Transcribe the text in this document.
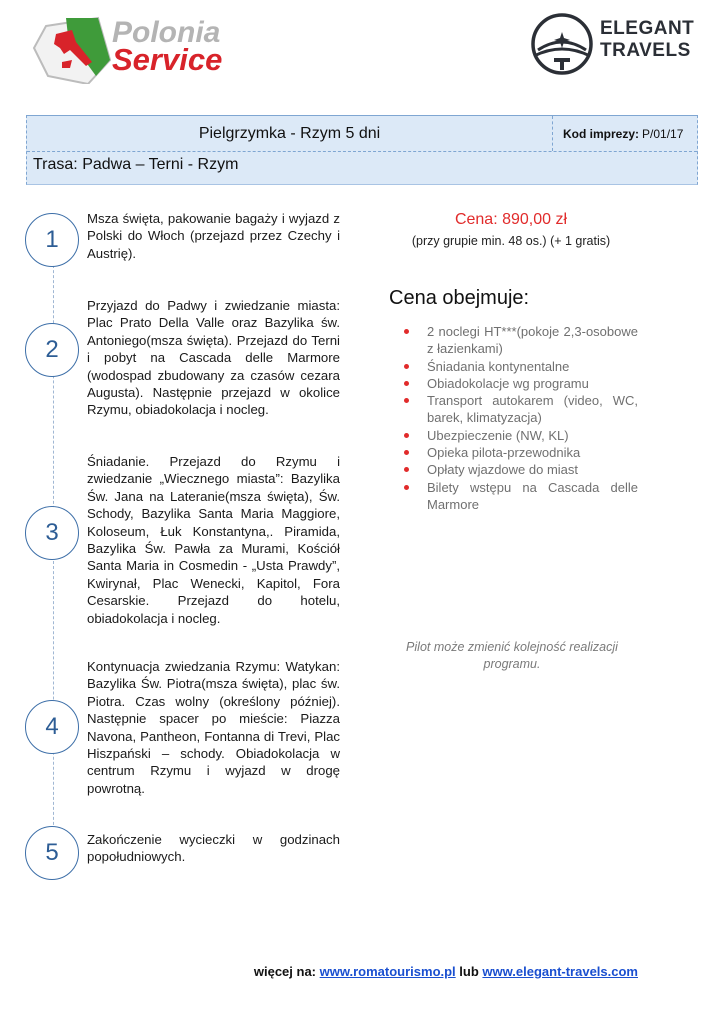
Polonia
Service
ELEGANT
TRAVELS
Pielgrzymka - Rzym 5 dni	Kod imprezy: P/01/17
Trasa: Padwa – Terni - Rzym
1
Msza święta, pakowanie bagaży i wyjazd z Polski do Włoch (przejazd przez Czechy i Austrię).
2
Przyjazd do Padwy i zwiedzanie miasta: Plac Prato Della Valle oraz Bazylika św. Antoniego(msza święta). Przejazd do Terni i pobyt na Cascada delle Marmore (wodospad zbudowany za czasów cezara Augusta). Następnie przejazd w okolice Rzymu, obiadokolacja i nocleg.
3
Śniadanie. Przejazd do Rzymu i zwiedzanie „Wiecznego miasta”: Bazylika Św. Jana na Lateranie(msza święta), Św. Schody, Bazylika Santa Maria Maggiore, Koloseum, Łuk Konstantyna,. Piramida, Bazylika Św. Pawła za Murami, Kościół Santa Maria in Cosmedin - „Usta Prawdy”, Kwirynał, Plac Wenecki, Kapitol, Fora Cesarskie. Przejazd do hotelu, obiadokolacja i nocleg.
4
Kontynuacja zwiedzania Rzymu: Watykan: Bazylika Św. Piotra(msza święta), plac św. Piotra. Czas wolny (określony później). Następnie spacer po mieście: Piazza Navona, Pantheon, Fontanna di Trevi, Plac Hiszpański – schody. Obiadokolacja w centrum Rzymu i wyjazd w drogę powrotną.
5	Zakończenie wycieczki w godzinach popołudniowych.
Cena: 890,00 zł
(przy grupie min. 48 os.) (+ 1 gratis)
Cena obejmuje:
2 noclegi HT***(pokoje 2,3-osobowe z łazienkami)
Śniadania kontynentalne
Obiadokolacje wg programu
Transport autokarem (video, WC, barek, klimatyzacja)
Ubezpieczenie (NW, KL)
Opieka pilota-przewodnika
Opłaty wjazdowe do miast
Bilety wstępu na Cascada delle Marmore
Pilot może zmienić kolejność realizacji programu.
więcej na: www.romatourismo.pl lub www.elegant-travels.com
